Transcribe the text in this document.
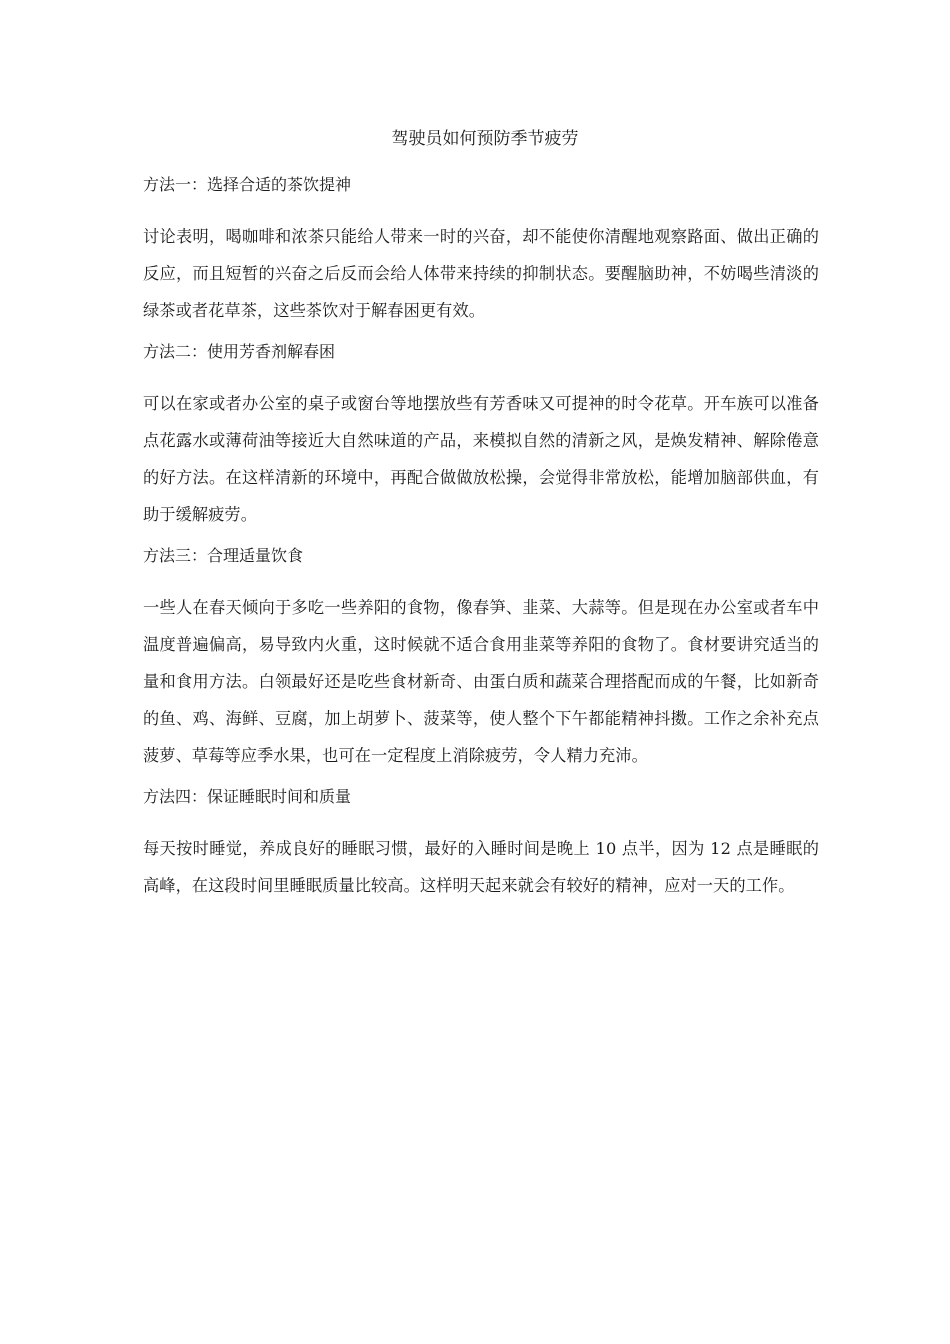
驾驶员如何预防季节疲劳
方法一：选择合适的茶饮提神

讨论表明，喝咖啡和浓茶只能给人带来一时的兴奋，却不能使你清醒地观察路面、做出正确的反应，而且短暂的兴奋之后反而会给人体带来持续的抑制状态。要醒脑助神，不妨喝些清淡的绿茶或者花草茶，这些茶饮对于解春困更有效。

方法二：使用芳香剂解春困

可以在家或者办公室的桌子或窗台等地摆放些有芳香味又可提神的时令花草。开车族可以准备点花露水或薄荷油等接近大自然味道的产品，来模拟自然的清新之风，是焕发精神、解除倦意的好方法。在这样清新的环境中，再配合做做放松操，会觉得非常放松，能增加脑部供血，有助于缓解疲劳。

方法三：合理适量饮食

一些人在春天倾向于多吃一些养阳的食物，像春笋、韭菜、大蒜等。但是现在办公室或者车中温度普遍偏高，易导致内火重，这时候就不适合食用韭菜等养阳的食物了。食材要讲究适当的量和食用方法。白领最好还是吃些食材新奇、由蛋白质和蔬菜合理搭配而成的午餐，比如新奇的鱼、鸡、海鲜、豆腐，加上胡萝卜、菠菜等，使人整个下午都能精神抖擞。工作之余补充点菠萝、草莓等应季水果，也可在一定程度上消除疲劳，令人精力充沛。

方法四：保证睡眠时间和质量

每天按时睡觉，养成良好的睡眠习惯，最好的入睡时间是晚上 10 点半，因为 12 点是睡眠的高峰，在这段时间里睡眠质量比较高。这样明天起来就会有较好的精神，应对一天的工作。
